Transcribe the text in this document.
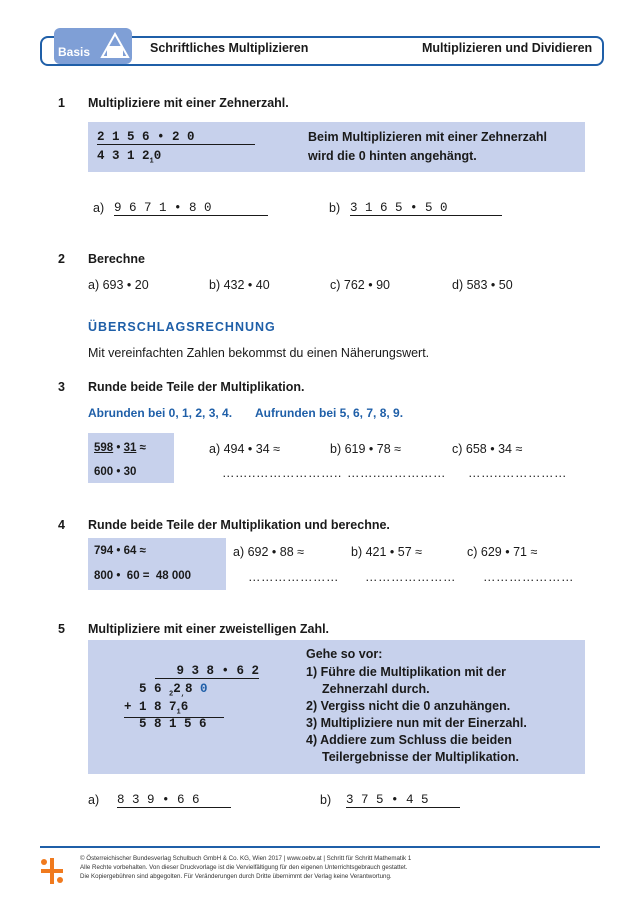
Basis	Schriftliches Multiplizieren	Multiplizieren und Dividieren
1 Multipliziere mit einer Zehnerzahl.
2 1 5 6 • 2 0
4 3 1 $2_10$
Beim Multiplizieren mit einer Zehnerzahl
wird die 0 hinten angehängt.
a) 9 6 7 1 • 8 0	b) 3 1 6 5 • 5 0
2 Berechne
a) 693 • 20	b) 432 • 40	c) 762 • 90	d) 583 • 50
ÜBERSCHLAGSRECHNUNG
Mit vereinfachten Zahlen bekommst du einen Näherungswert.
3 Runde beide Teile der Multiplikation.
Abrunden bei 0, 1, 2, 3, 4. Aufrunden bei 5, 6, 7, 8, 9.
598 • 31 ≈
600 • 30
a) 494 • 34 ≈	b) 619 • 78 ≈	c) 658 • 34 ≈
……..……………….. ……..…………… ……..……………
4 Runde beide Teile der Multiplikation und berechne.
794 • 64 ≈
800 •  60 =  48 000
a) 692 • 88 ≈	b) 421 • 57 ≈	c) 629 • 71 ≈
………………… ………………… …………………
5 Multipliziere mit einer zweistelligen Zahl.
9 3 8 • 6 2
5 6 $_22_,8$ 0
+ 1 8 $7_16$
5 8 1 5 6
Gehe so vor:
1) Führe die Multiplikation mit der
Zehnerzahl durch.
2) Vergiss nicht die 0 anzuhängen.
3) Multipliziere nun mit der Einerzahl.
4) Addiere zum Schluss die beiden
Teilergebnisse der Multiplikation.
a) 8 3 9 • 6 6	b) 3 7 5 • 4 5
© Österreichischer Bundesverlag Schulbuch GmbH & Co. KG, Wien 2017 | www.oebv.at | Schritt für Schritt Mathematik 1
Alle Rechte vorbehalten. Von dieser Druckvorlage ist die Vervielfältigung für den eigenen Unterrichtsgebrauch gestattet.
Die Kopiergebühren sind abgegolten. Für Veränderungen durch Dritte übernimmt der Verlag keine Verantwortung.
